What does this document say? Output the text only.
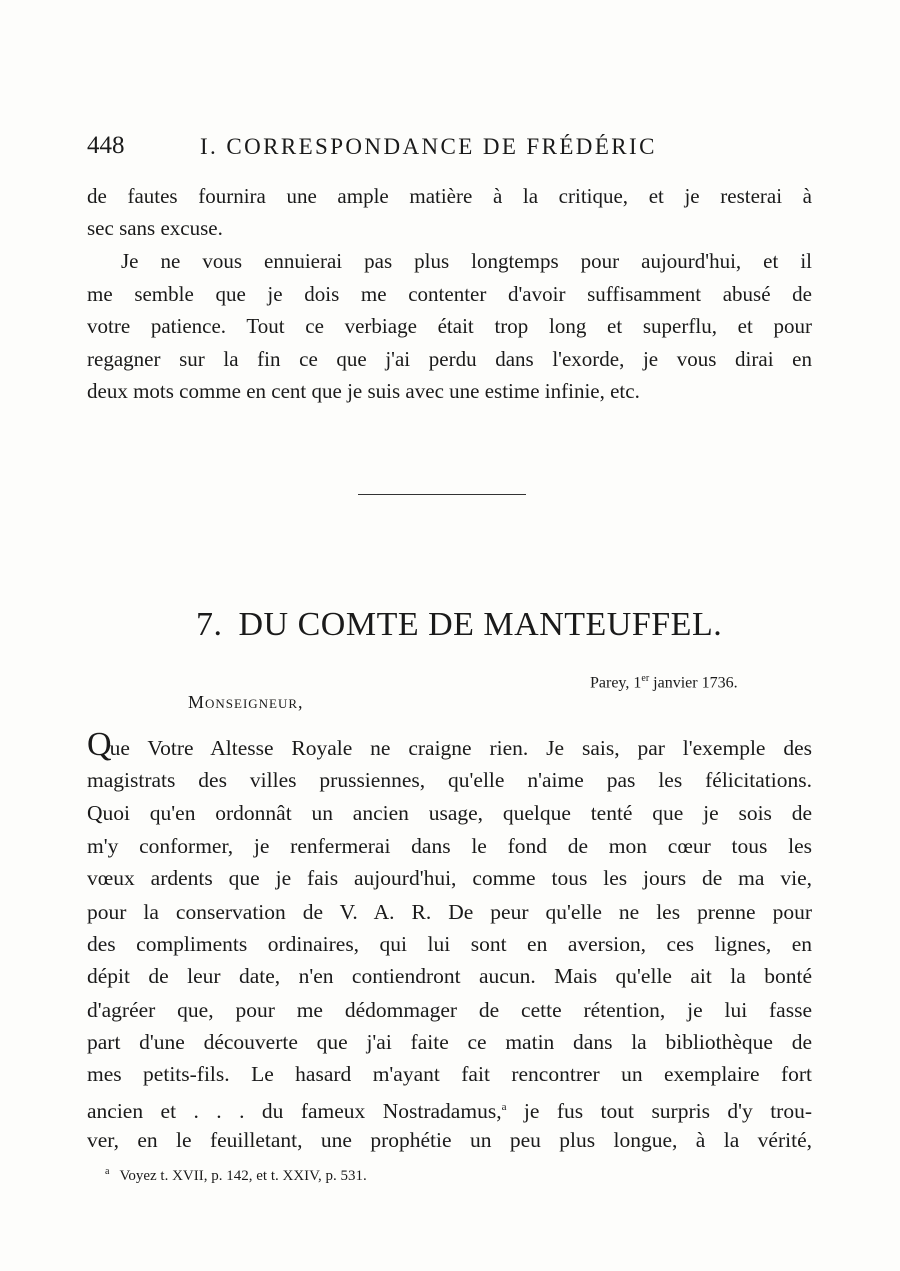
448	I. CORRESPONDANCE DE FRÉDÉRIC
de fautes fournira une ample matière à la critique, et je resterai à
sec sans excuse.
Je ne vous ennuierai pas plus longtemps pour aujourd'hui, et il
me semble que je dois me contenter d'avoir suffisamment abusé de
votre patience. Tout ce verbiage était trop long et superflu, et pour
regagner sur la fin ce que j'ai perdu dans l'exorde, je vous dirai en
deux mots comme en cent que je suis avec une estime infinie, etc.
7. DU COMTE DE MANTEUFFEL.
Parey, 1er janvier 1736.
Monseigneur,
Que Votre Altesse Royale ne craigne rien. Je sais, par l'exemple des
magistrats des villes prussiennes, qu'elle n'aime pas les félicitations.
Quoi qu'en ordonnât un ancien usage, quelque tenté que je sois de
m'y conformer, je renfermerai dans le fond de mon cœur tous les
vœux ardents que je fais aujourd'hui, comme tous les jours de ma vie,
pour la conservation de V. A. R. De peur qu'elle ne les prenne pour
des compliments ordinaires, qui lui sont en aversion, ces lignes, en
dépit de leur date, n'en contiendront aucun. Mais qu'elle ait la bonté
d'agréer que, pour me dédommager de cette rétention, je lui fasse
part d'une découverte que j'ai faite ce matin dans la bibliothèque de
mes petits-fils. Le hasard m'ayant fait rencontrer un exemplaire fort
ancien et . . . du fameux Nostradamus,$^a$ je fus tout surpris d'y trou-
ver, en le feuilletant, une prophétie un peu plus longue, à la vérité,
$^a$ Voyez t. XVII, p. 142, et t. XXIV, p. 531.
